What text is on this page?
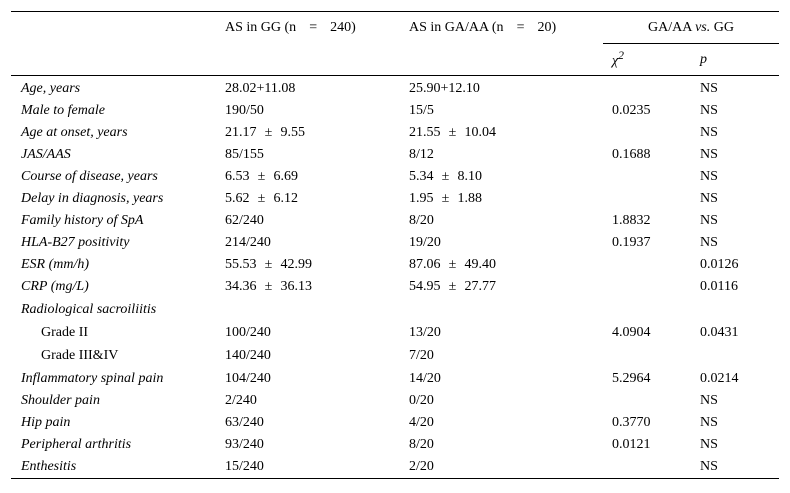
	AS in GG (n = 240)	AS in GA/AA (n = 20)	GA/AA vs. GG	
			$\chi^2$	p
Age, years	28.02+11.08	25.90+12.10		NS
Male to female	190/50	15/5	0.0235	NS
Age at onset, years	21.17 ± 9.55	21.55 ± 10.04		NS
JAS/AAS	85/155	8/12	0.1688	NS
Course of disease, years	6.53 ± 6.69	5.34 ± 8.10		NS
Delay in diagnosis, years	5.62 ± 6.12	1.95 ± 1.88		NS
Family history of SpA	62/240	8/20	1.8832	NS
HLA-B27 positivity	214/240	19/20	0.1937	NS
ESR (mm/h)	55.53 ± 42.99	87.06 ± 49.40		0.0126
CRP (mg/L)	34.36 ± 36.13	54.95 ± 27.77		0.0116
Radiological sacroiliitis				
Grade II	100/240	13/20	4.0904	0.0431
Grade III&IV	140/240	7/20		
Inflammatory spinal pain	104/240	14/20	5.2964	0.0214
Shoulder pain	2/240	0/20		NS
Hip pain	63/240	4/20	0.3770	NS
Peripheral arthritis	93/240	8/20	0.0121	NS
Enthesitis	15/240	2/20		NS
